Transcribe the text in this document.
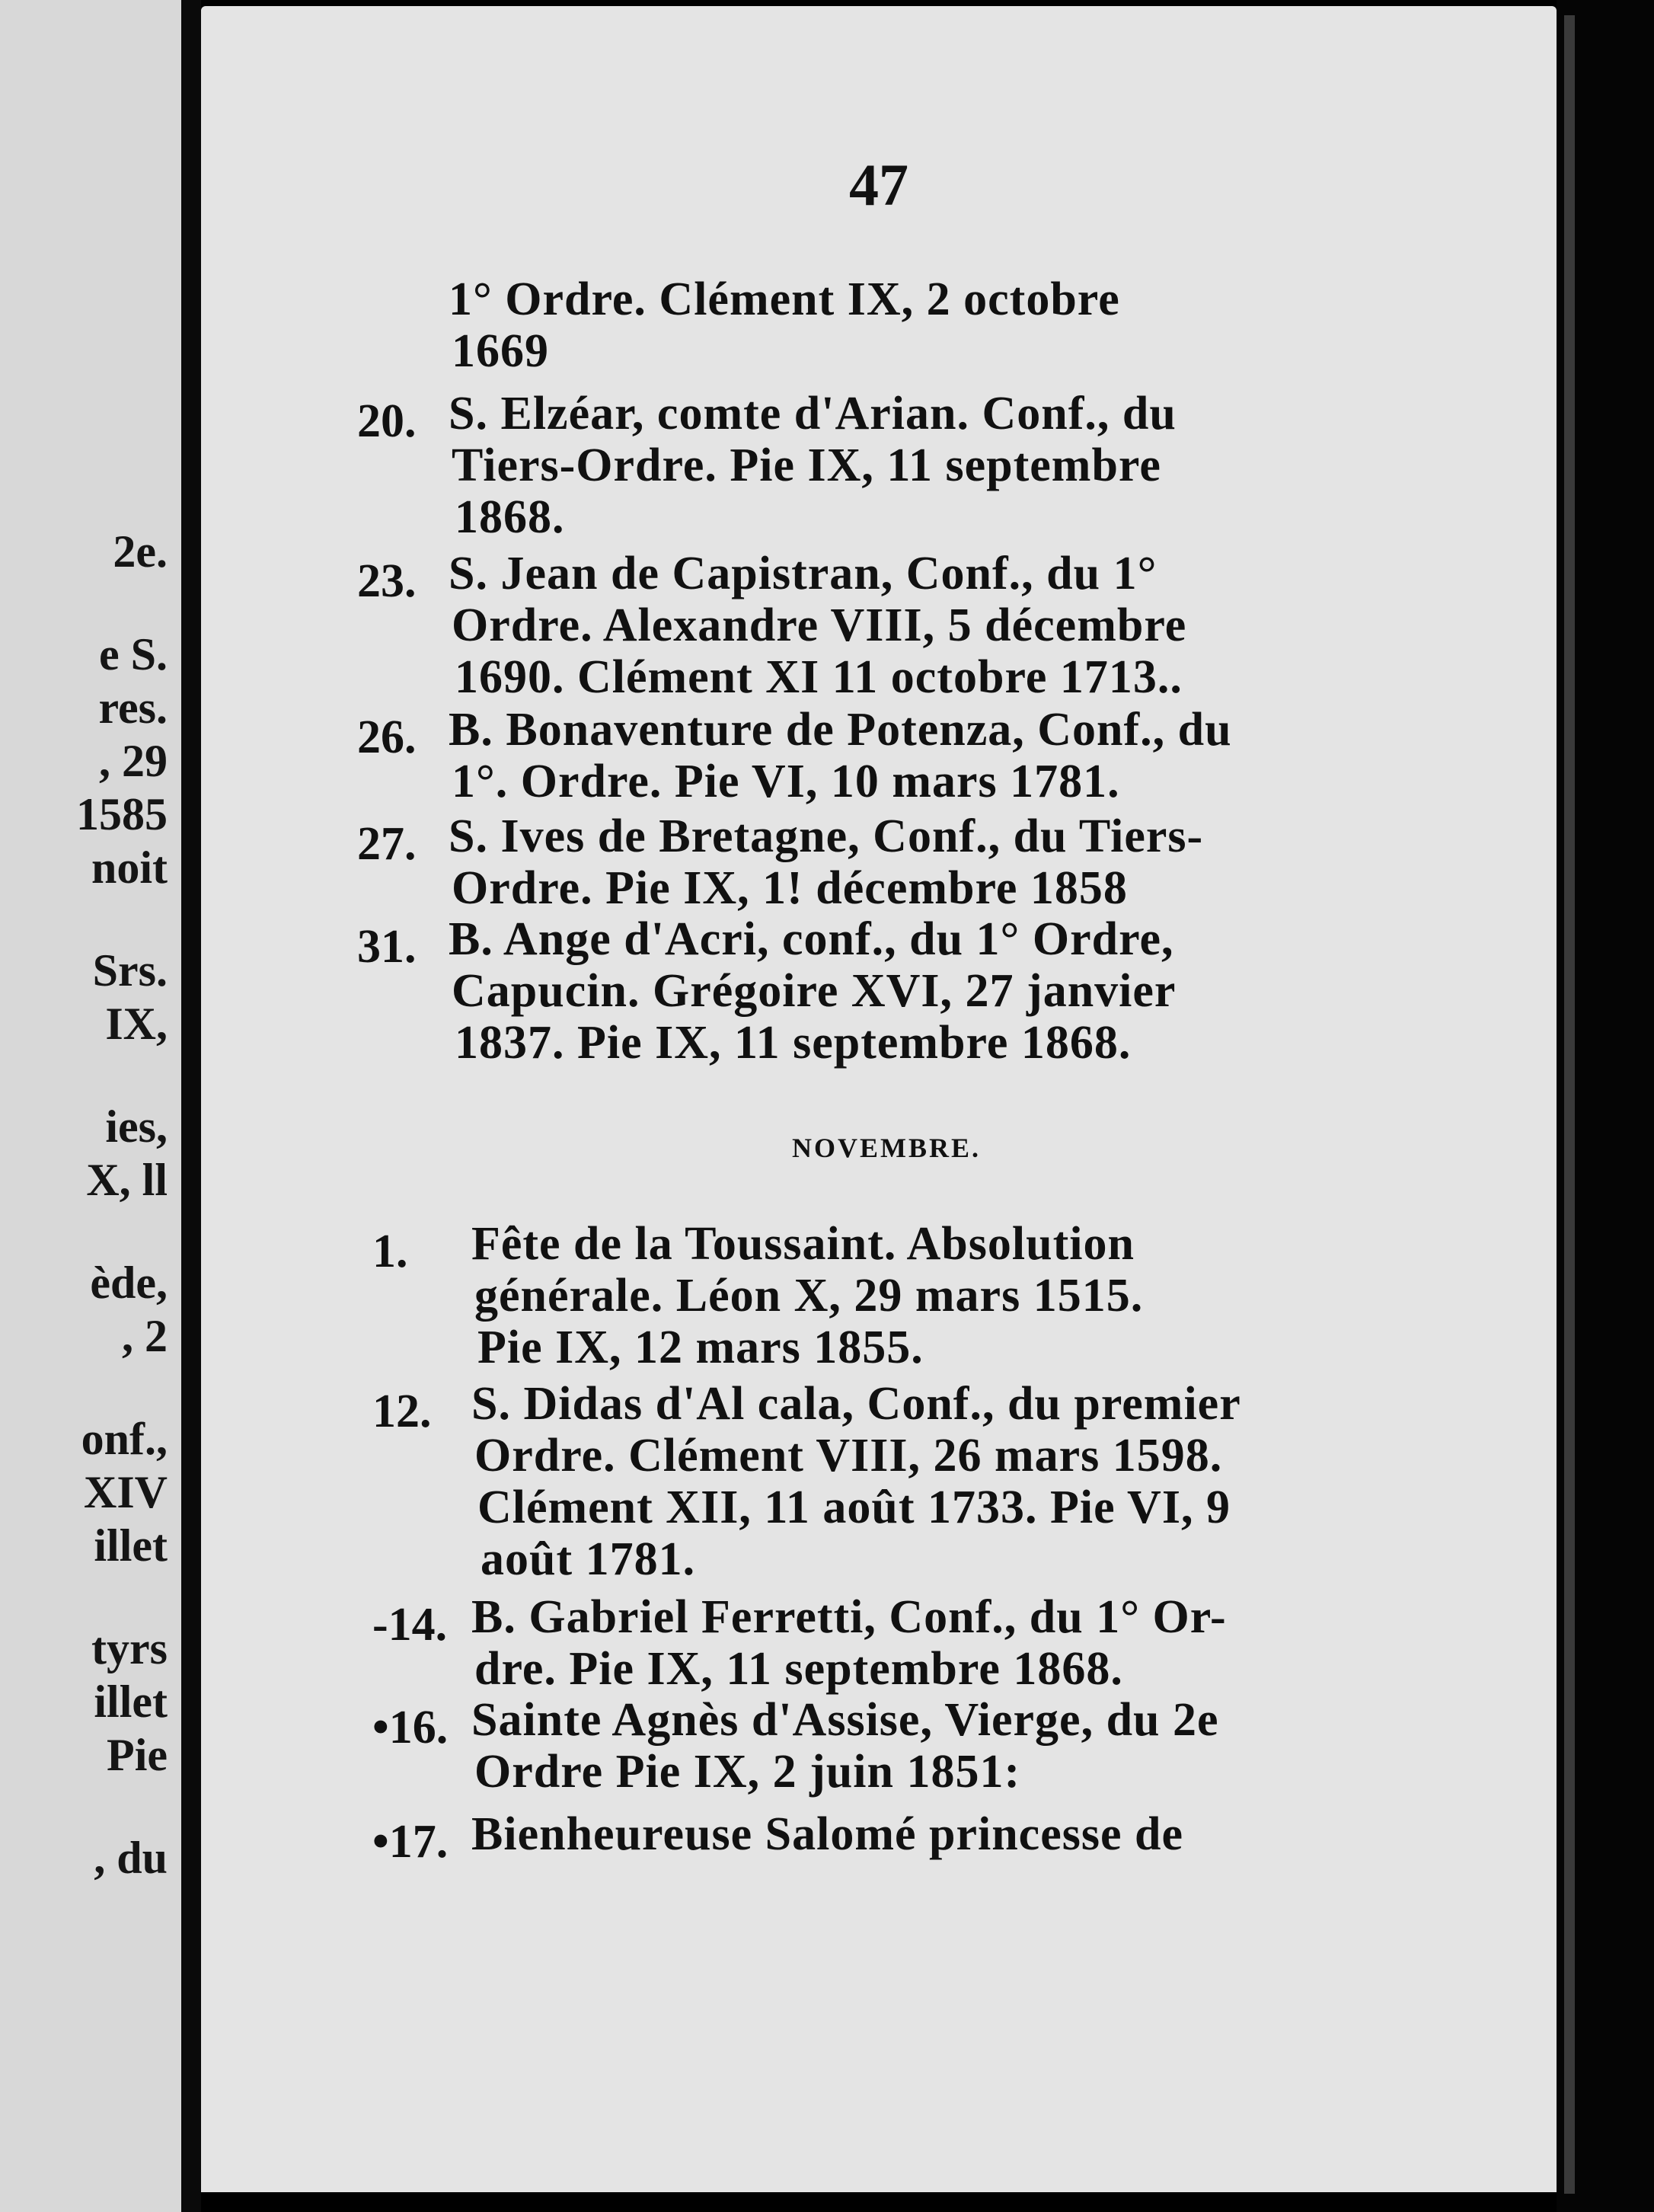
2e.
e S.
res.
, 29
1585
noit
Srs.
IX,
ies,
X, ll
ède,
, 2
onf.,
XIV
illet
tyrs
illet
Pie
, du
47
1° Ordre. Clément IX, 2 octobre
1669
20. S. Elzéar, comte d'Arian. Conf., du
Tiers-Ordre. Pie IX, 11 septembre
1868.
23. S. Jean de Capistran, Conf., du 1°
Ordre. Alexandre VIII, 5 décembre
1690. Clément XI 11 octobre 1713..
26. B. Bonaventure de Potenza, Conf., du
1°. Ordre. Pie VI, 10 mars 1781.
27. S. Ives de Bretagne, Conf., du Tiers-
Ordre. Pie IX, 1! décembre 1858
31. B. Ange d'Acri, conf., du 1° Ordre,
Capucin. Grégoire XVI, 27 janvier
1837. Pie IX, 11 septembre 1868.
1. Fête de la Toussaint. Absolution
générale. Léon X, 29 mars 1515.
Pie IX, 12 mars 1855.
12. S. Didas d'Al cala, Conf., du premier
Ordre. Clément VIII, 26 mars 1598.
Clément XII, 11 août 1733. Pie VI, 9
août 1781.
-14. B. Gabriel Ferretti, Conf., du 1° Or-
dre. Pie IX, 11 septembre 1868.
•16. Sainte Agnès d'Assise, Vierge, du 2e
Ordre Pie IX, 2 juin 1851:
•17. Bienheureuse Salomé princesse de
NOVEMBRE.
